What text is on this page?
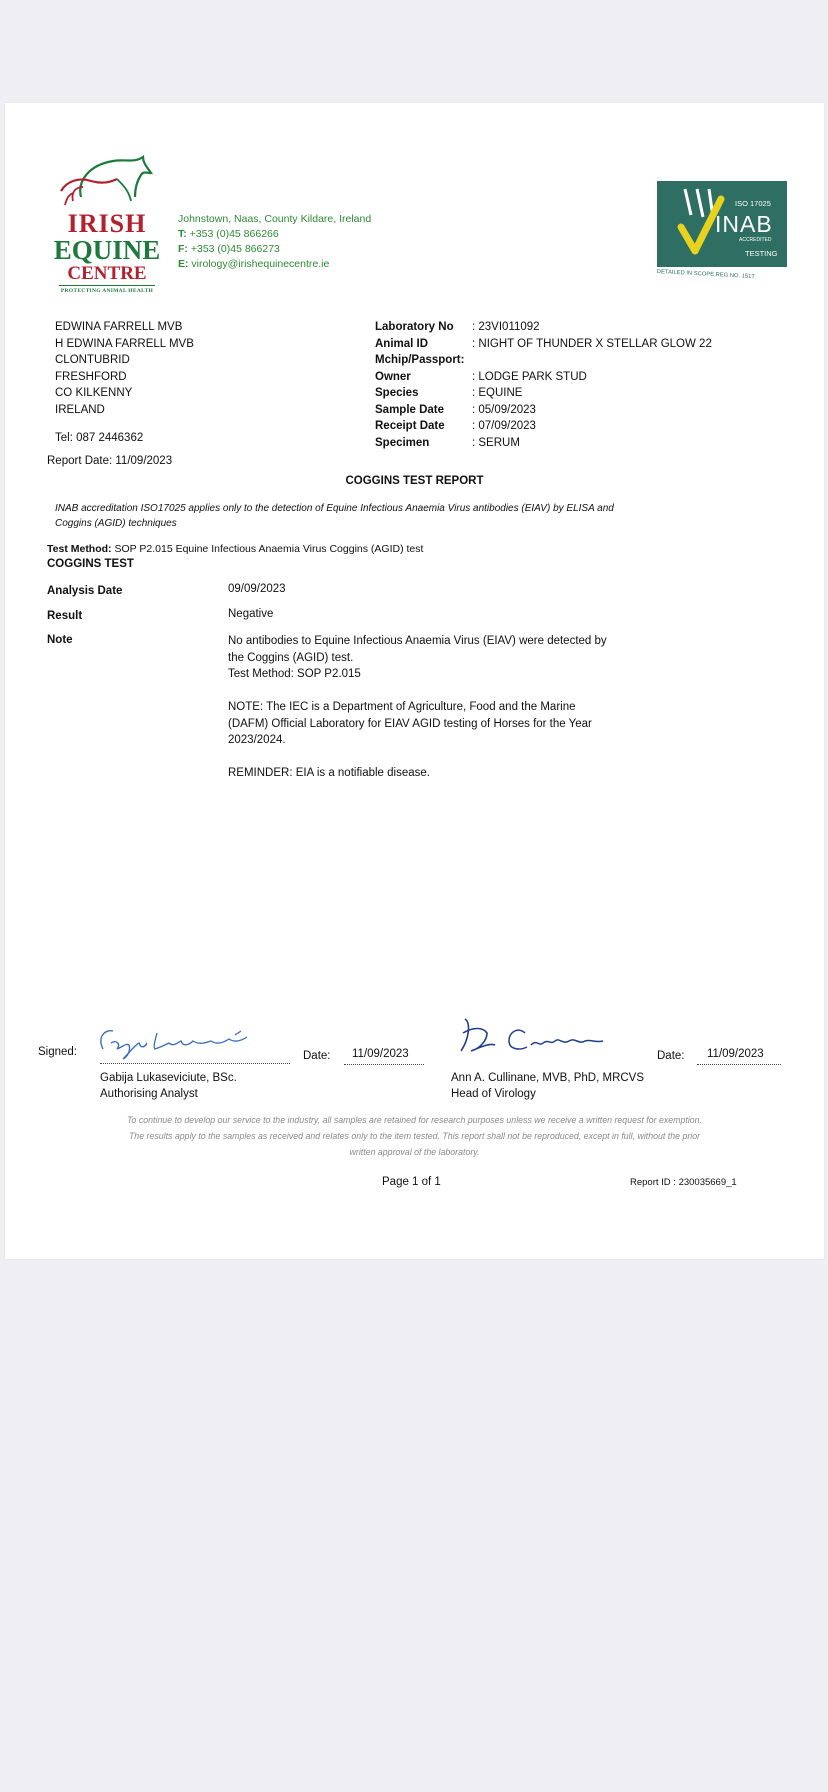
IRISH
EQUINE
CENTRE
PROTECTING ANIMAL HEALTH
Johnstown, Naas, County Kildare, Ireland
T: +353 (0)45 866266
F: +353 (0)45 866273
E: virology@irishequinecentre.ie
ISO 17025
INAB
ACCREDITED
TESTING
DETAILED IN SCOPE REG NO. 151T
EDWINA FARRELL MVB
H EDWINA FARRELL MVB
CLONTUBRID
FRESHFORD
CO KILKENNY
IRELAND
Tel: 087 2446362
Report Date: 11/09/2023
Laboratory No	: 23VI011092
Animal ID	: NIGHT OF THUNDER X STELLAR GLOW 22
Mchip/Passport:
Owner	: LODGE PARK STUD
Species	: EQUINE
Sample Date	: 05/09/2023
Receipt Date	: 07/09/2023
Specimen	: SERUM
COGGINS TEST REPORT
INAB accreditation ISO17025 applies only to the detection of Equine Infectious Anaemia Virus antibodies (EIAV) by ELISA and
Coggins (AGID) techniques
Test Method: SOP P2.015 Equine Infectious Anaemia Virus Coggins (AGID) test
COGGINS TEST
Analysis Date	09/09/2023
Result	Negative
Note	No antibodies to Equine Infectious Anaemia Virus (EIAV) were detected by
the Coggins (AGID) test.
Test Method: SOP P2.015
NOTE: The IEC is a Department of Agriculture, Food and the Marine
(DAFM) Official Laboratory for EIAV AGID testing of Horses for the Year
2023/2024.
REMINDER: EIA is a notifiable disease.
Signed:
Gabija Lukaseviciute, BSc.
Authorising Analyst
Date: 11/09/2023
Ann A. Cullinane, MVB, PhD, MRCVS
Head of Virology
Date: 11/09/2023
To continue to develop our service to the industry, all samples are retained for research purposes unless we receive a written request for exemption.
The results apply to the samples as received and relates only to the item tested. This report shall not be reproduced, except in full, without the prior
written approval of the laboratory.
Page 1 of 1	Report ID : 230035669_1
